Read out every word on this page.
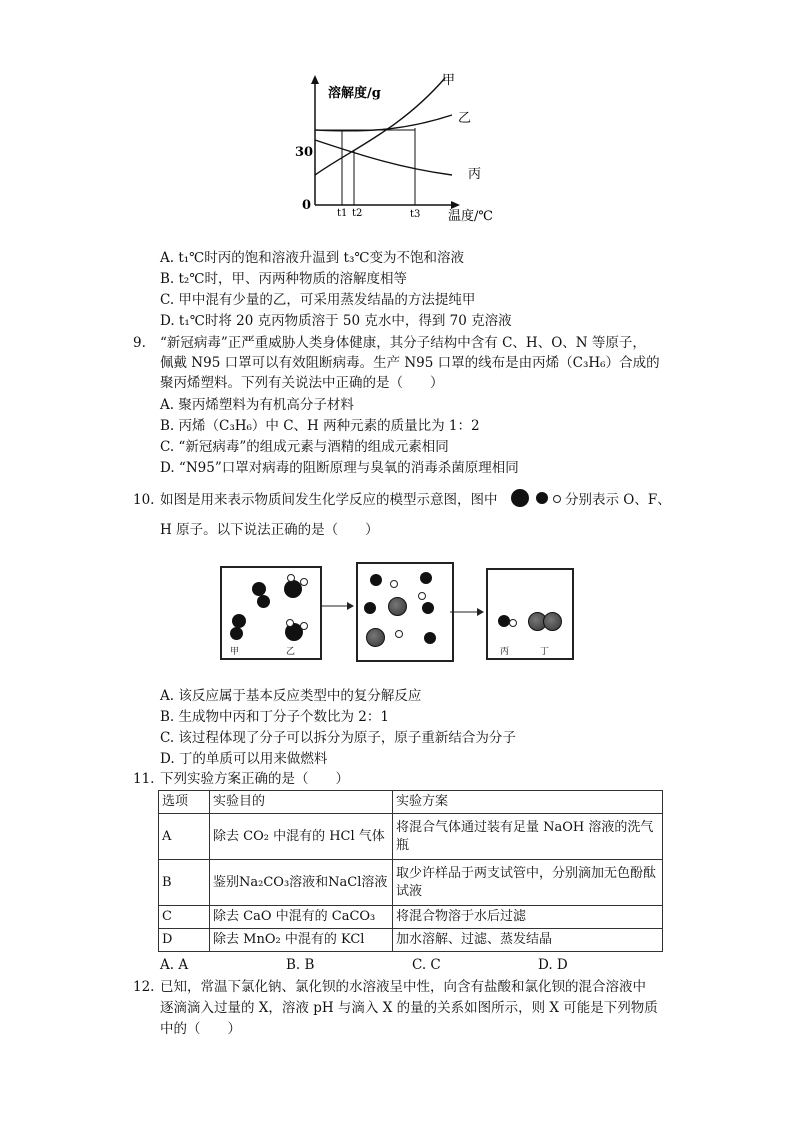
溶解度/g
30
0
t1 t2	t3 温度/℃
甲
乙
丙
A. t₁℃时丙的饱和溶液升温到 t₃℃变为不饱和溶液
B. t₂℃时，甲、丙两种物质的溶解度相等
C. 甲中混有少量的乙，可采用蒸发结晶的方法提纯甲
D. t₁℃时将 20 克丙物质溶于 50 克水中，得到 70 克溶液
9. “新冠病毒”正严重威胁人类身体健康，其分子结构中含有 C、H、O、N 等原子，
佩戴 N95 口罩可以有效阻断病毒。生产 N95 口罩的线布是由丙烯（C₃H₆）合成的
聚丙烯塑料。下列有关说法中正确的是（　　）
A. 聚丙烯塑料为有机高分子材料
B. 丙烯（C₃H₆）中 C、H 两种元素的质量比为 1：2
C. “新冠病毒”的组成元素与酒精的组成元素相同
D. “N95”口罩对病毒的阻断原理与臭氧的消毒杀菌原理相同
10. 如图是用来表示物质间发生化学反应的模型示意图，图中	分别表示 O、F、
H 原子。以下说法正确的是（　　）
甲	乙	丙	丁
A. 该反应属于基本反应类型中的复分解反应
B. 生成物中丙和丁分子个数比为 2：1
C. 该过程体现了分子可以拆分为原子，原子重新结合为分子
D. 丁的单质可以用来做燃料
11. 下列实验方案正确的是（　　）
选项	实验目的	实验方案
A	除去 CO₂ 中混有的 HCl 气体	将混合气体通过装有足量 NaOH 溶液的洗气瓶
B	鉴别Na₂CO₃溶液和NaCl溶液	取少许样品于两支试管中，分别滴加无色酚酞试液
C	除去 CaO 中混有的 CaCO₃	将混合物溶于水后过滤
D	除去 MnO₂ 中混有的 KCl	加水溶解、过滤、蒸发结晶
A. A	B. B	C. C	D. D
12. 已知，常温下氯化钠、氯化钡的水溶液呈中性，向含有盐酸和氯化钡的混合溶液中
逐滴滴入过量的 X，溶液 pH 与滴入 X 的量的关系如图所示，则 X 可能是下列物质
中的（　　）
